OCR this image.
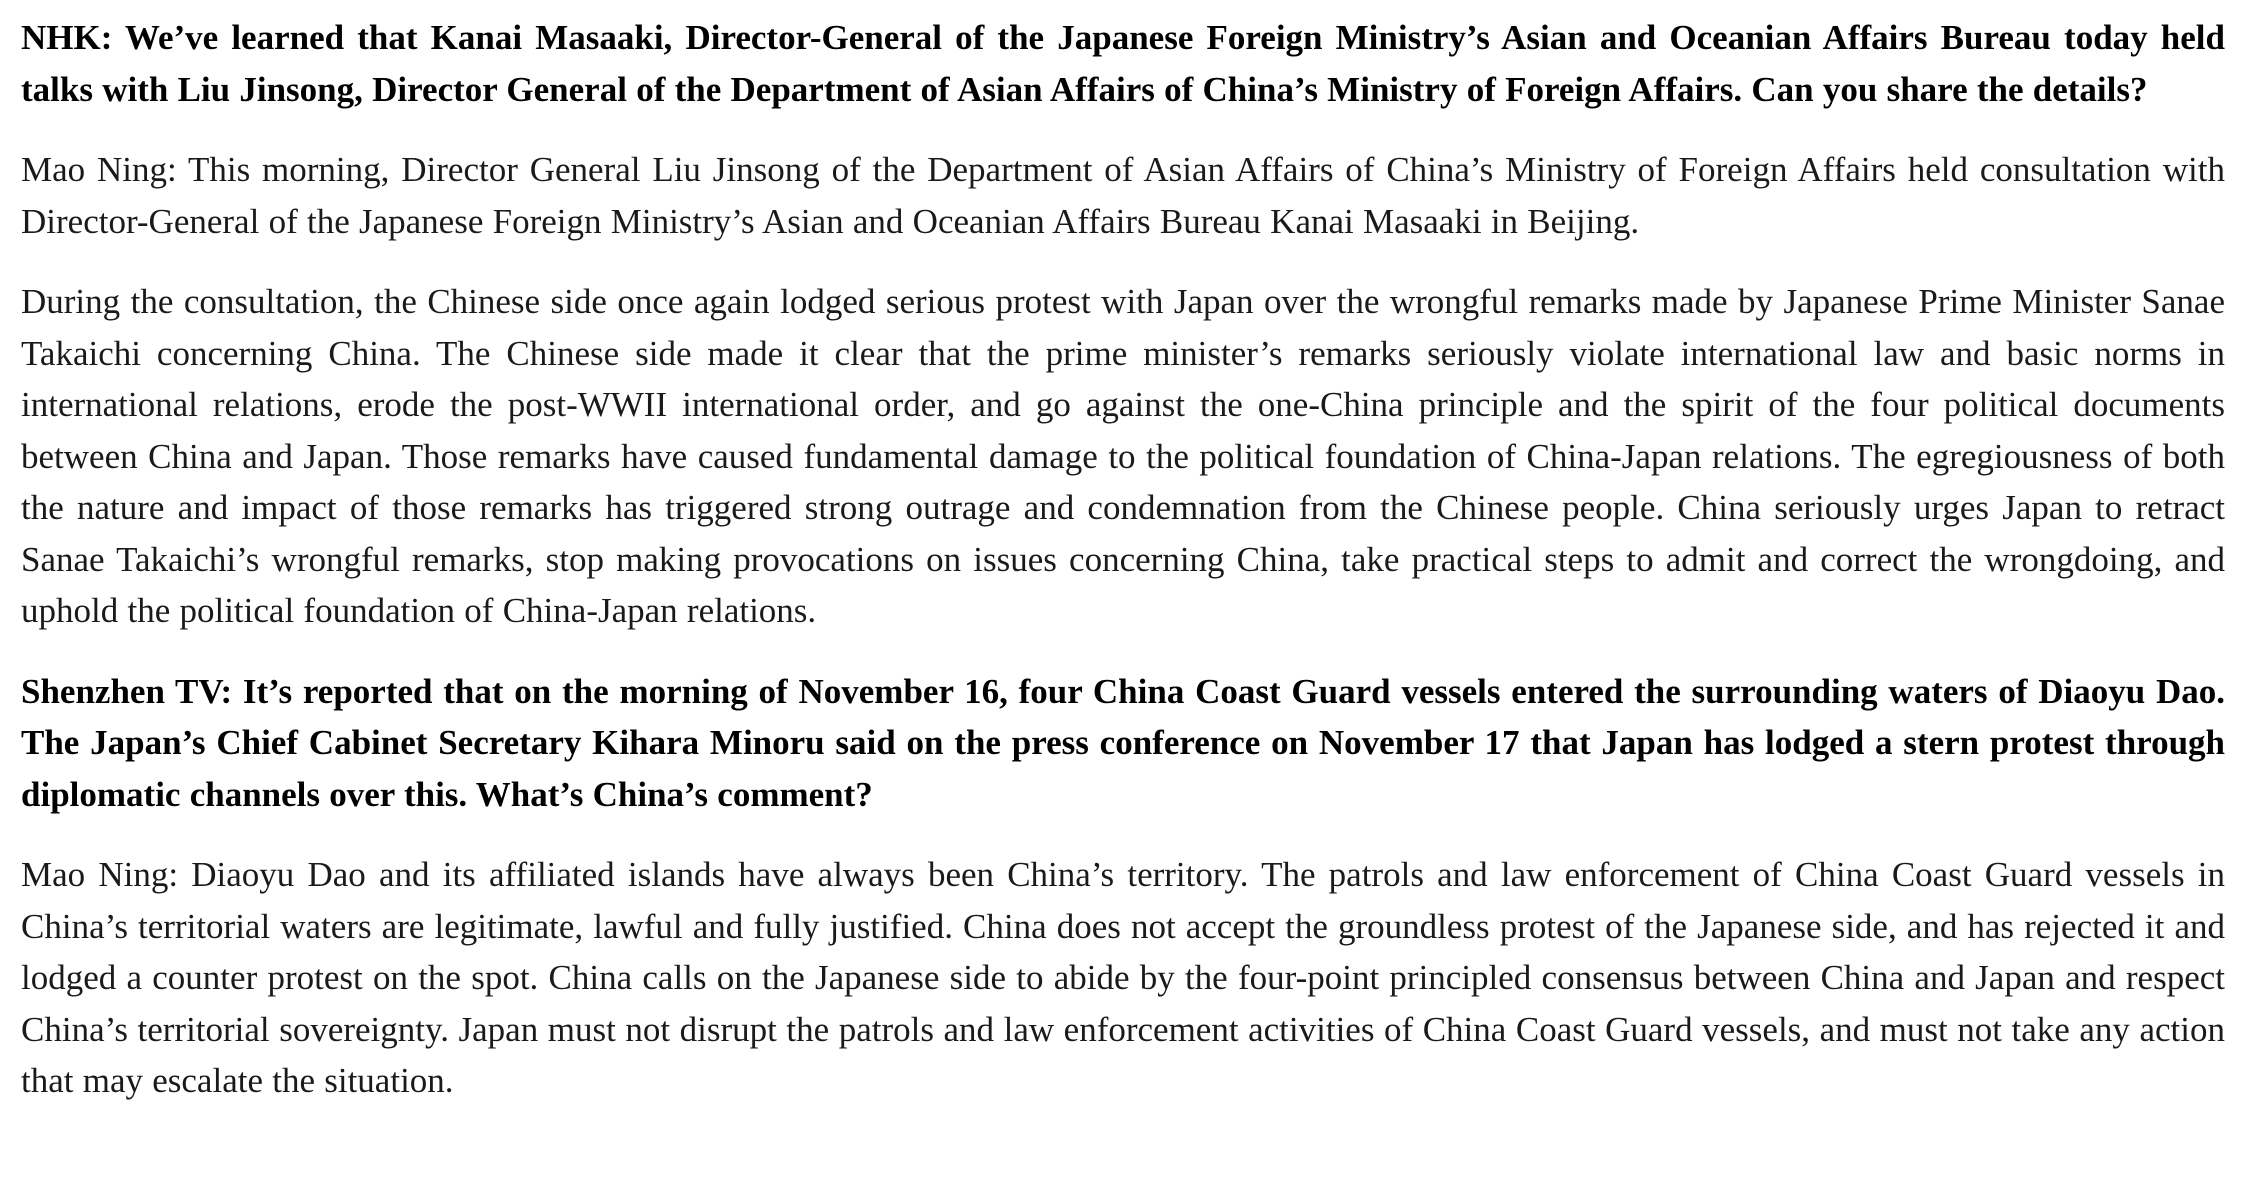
NHK: We’ve learned that Kanai Masaaki, Director-General of the Japanese Foreign Ministry’s Asian and Oceanian Affairs Bureau today held talks with Liu Jinsong, Director General of the Department of Asian Affairs of China’s Ministry of Foreign Affairs. Can you share the details?

Mao Ning: This morning, Director General Liu Jinsong of the Department of Asian Affairs of China’s Ministry of Foreign Affairs held consultation with Director-General of the Japanese Foreign Ministry’s Asian and Oceanian Affairs Bureau Kanai Masaaki in Beijing.

During the consultation, the Chinese side once again lodged serious protest with Japan over the wrongful remarks made by Japanese Prime Minister Sanae Takaichi concerning China. The Chinese side made it clear that the prime minister’s remarks seriously violate international law and basic norms in international relations, erode the post-WWII international order, and go against the one-China principle and the spirit of the four political documents between China and Japan. Those remarks have caused fundamental damage to the political foundation of China-Japan relations. The egregiousness of both the nature and impact of those remarks has triggered strong outrage and condemnation from the Chinese people. China seriously urges Japan to retract Sanae Takaichi’s wrongful remarks, stop making provocations on issues concerning China, take practical steps to admit and correct the wrongdoing, and uphold the political foundation of China-Japan relations.

Shenzhen TV: It’s reported that on the morning of November 16, four China Coast Guard vessels entered the surrounding waters of Diaoyu Dao. The Japan’s Chief Cabinet Secretary Kihara Minoru said on the press conference on November 17 that Japan has lodged a stern protest through diplomatic channels over this. What’s China’s comment?

Mao Ning: Diaoyu Dao and its affiliated islands have always been China’s territory. The patrols and law enforcement of China Coast Guard vessels in China’s territorial waters are legitimate, lawful and fully justified. China does not accept the groundless protest of the Japanese side, and has rejected it and lodged a counter protest on the spot. China calls on the Japanese side to abide by the four-point principled consensus between China and Japan and respect China’s territorial sovereignty. Japan must not disrupt the patrols and law enforcement activities of China Coast Guard vessels, and must not take any action that may escalate the situation.
